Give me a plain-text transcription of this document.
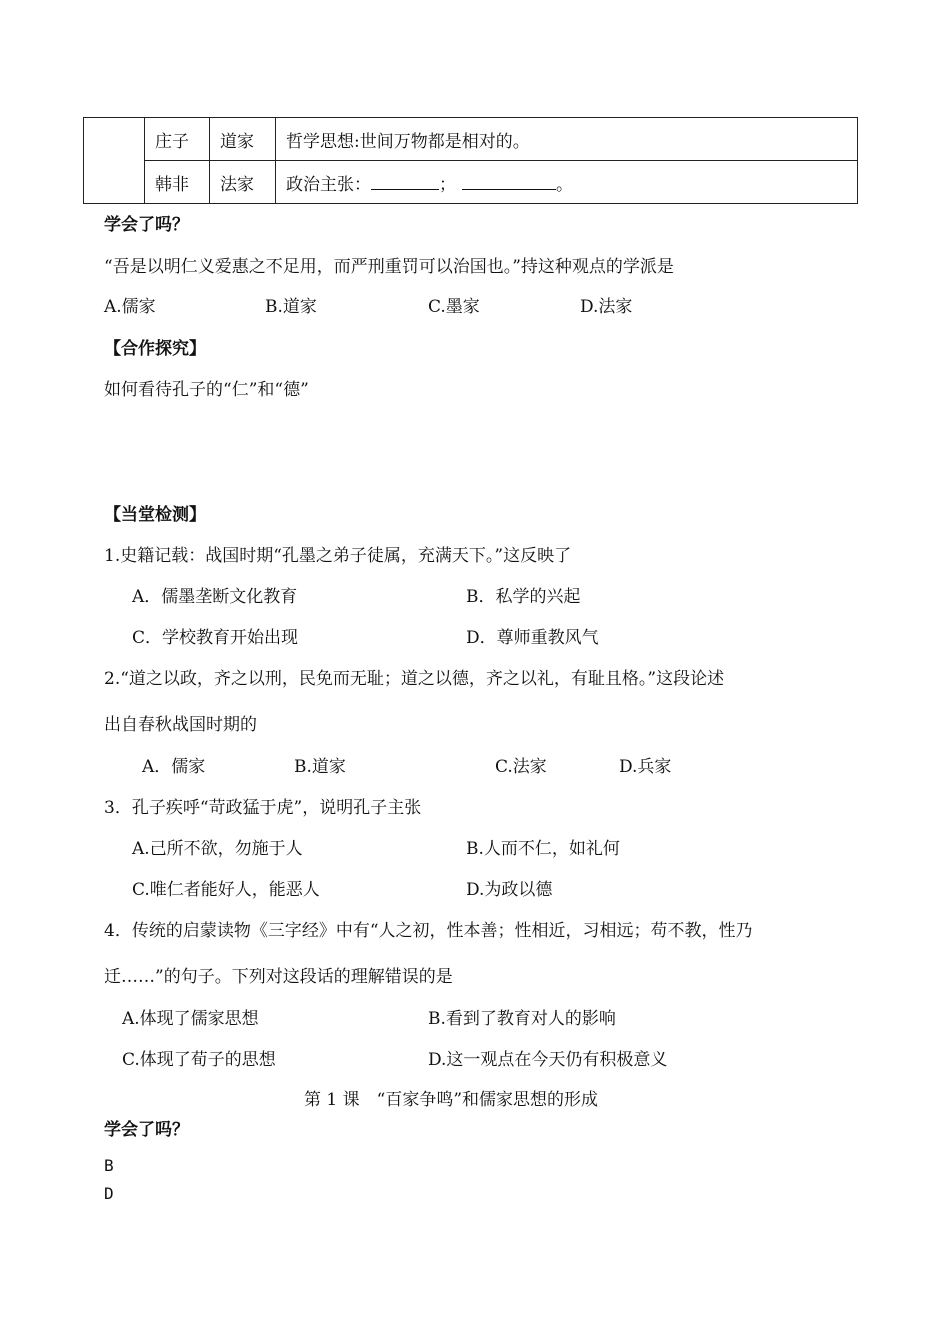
	庄子	道家	哲学思想:世间万物都是相对的。
	韩非	法家	政治主张： ； 。
学会了吗？
“吾是以明仁义爱惠之不足用，而严刑重罚可以治国也。”持这种观点的学派是
A.儒家	B.道家	C.墨家	D.法家
【合作探究】
如何看待孔子的“仁”和“德”
【当堂检测】
1.史籍记载：战国时期“孔墨之弟子徒属，充满天下。”这反映了
A．儒墨垄断文化教育	B．私学的兴起
C．学校教育开始出现	D．尊师重教风气
2.“道之以政，齐之以刑，民免而无耻；道之以德，齐之以礼，有耻且格。”这段论述
出自春秋战国时期的
A．儒家	B.道家	C.法家	D.兵家
3．孔子疾呼“苛政猛于虎”，说明孔子主张
A.己所不欲，勿施于人	B.人而不仁，如礼何
C.唯仁者能好人，能恶人	D.为政以德
4．传统的启蒙读物《三字经》中有“人之初，性本善；性相近，习相远；苟不教，性乃
迁……”的句子。下列对这段话的理解错误的是
A.体现了儒家思想	B.看到了教育对人的影响
C.体现了荀子的思想	D.这一观点在今天仍有积极意义
第 1 课　“百家争鸣”和儒家思想的形成
学会了吗？
B
D
